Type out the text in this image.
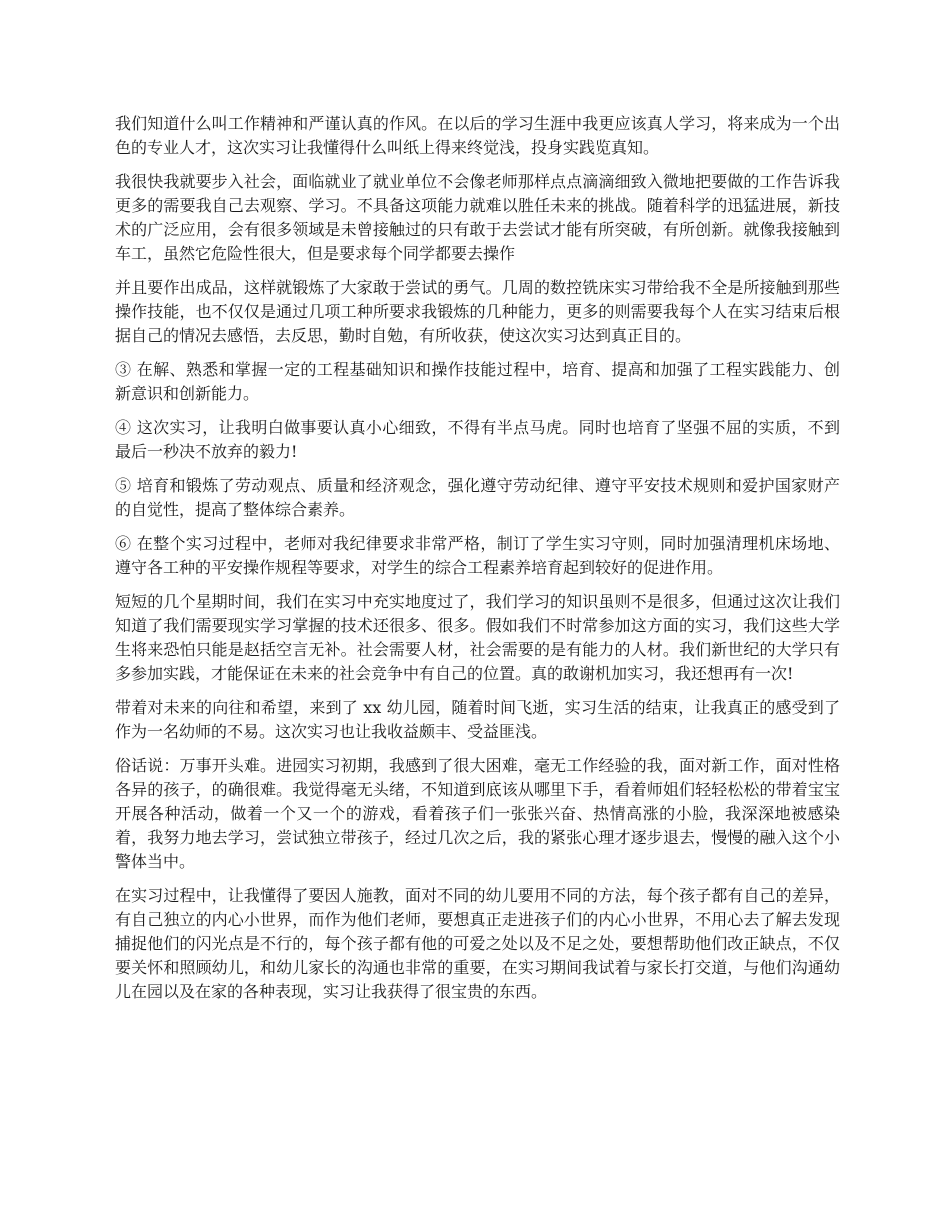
我们知道什么叫工作精神和严谨认真的作风。在以后的学习生涯中我更应该真人学习，将来成为一个出色的专业人才，这次实习让我懂得什么叫纸上得来终觉浅，投身实践览真知。

我很快我就要步入社会，面临就业了就业单位不会像老师那样点点滴滴细致入微地把要做的工作告诉我更多的需要我自己去观察、学习。不具备这项能力就难以胜任未来的挑战。随着科学的迅猛进展，新技术的广泛应用，会有很多领域是未曾接触过的只有敢于去尝试才能有所突破，有所创新。就像我接触到车工，虽然它危险性很大，但是要求每个同学都要去操作

并且要作出成品，这样就锻炼了大家敢于尝试的勇气。几周的数控铣床实习带给我不全是所接触到那些操作技能，也不仅仅是通过几项工种所要求我锻炼的几种能力，更多的则需要我每个人在实习结束后根据自己的情况去感悟，去反思，勤时自勉，有所收获，使这次实习达到真正目的。

③ 在解、熟悉和掌握一定的工程基础知识和操作技能过程中，培育、提高和加强了工程实践能力、创新意识和创新能力。

④ 这次实习，让我明白做事要认真小心细致，不得有半点马虎。同时也培育了坚强不屈的实质，不到最后一秒决不放弃的毅力!

⑤ 培育和锻炼了劳动观点、质量和经济观念，强化遵守劳动纪律、遵守平安技术规则和爱护国家财产的自觉性，提高了整体综合素养。

⑥ 在整个实习过程中，老师对我纪律要求非常严格，制订了学生实习守则，同时加强清理机床场地、遵守各工种的平安操作规程等要求，对学生的综合工程素养培育起到较好的促进作用。

短短的几个星期时间，我们在实习中充实地度过了，我们学习的知识虽则不是很多，但通过这次让我们知道了我们需要现实学习掌握的技术还很多、很多。假如我们不时常参加这方面的实习，我们这些大学生将来恐怕只能是赵括空言无补。社会需要人材，社会需要的是有能力的人材。我们新世纪的大学只有多参加实践，才能保证在未来的社会竞争中有自己的位置。真的敢谢机加实习，我还想再有一次!

带着对未来的向往和希望，来到了 xx 幼儿园，随着时间飞逝，实习生活的结束，让我真正的感受到了作为一名幼师的不易。这次实习也让我收益颇丰、受益匪浅。

俗话说：万事开头难。进园实习初期，我感到了很大困难，毫无工作经验的我，面对新工作，面对性格各异的孩子，的确很难。我觉得毫无头绪，不知道到底该从哪里下手，看着师姐们轻轻松松的带着宝宝开展各种活动，做着一个又一个的游戏，看着孩子们一张张兴奋、热情高涨的小脸，我深深地被感染着，我努力地去学习，尝试独立带孩子，经过几次之后，我的紧张心理才逐步退去，慢慢的融入这个小警体当中。

在实习过程中，让我懂得了要因人施教，面对不同的幼儿要用不同的方法，每个孩子都有自己的差异，有自己独立的内心小世界，而作为他们老师，要想真正走进孩子们的内心小世界，不用心去了解去发现捕捉他们的闪光点是不行的，每个孩子都有他的可爱之处以及不足之处，要想帮助他们改正缺点，不仅要关怀和照顾幼儿，和幼儿家长的沟通也非常的重要，在实习期间我试着与家长打交道，与他们沟通幼儿在园以及在家的各种表现，实习让我获得了很宝贵的东西。
